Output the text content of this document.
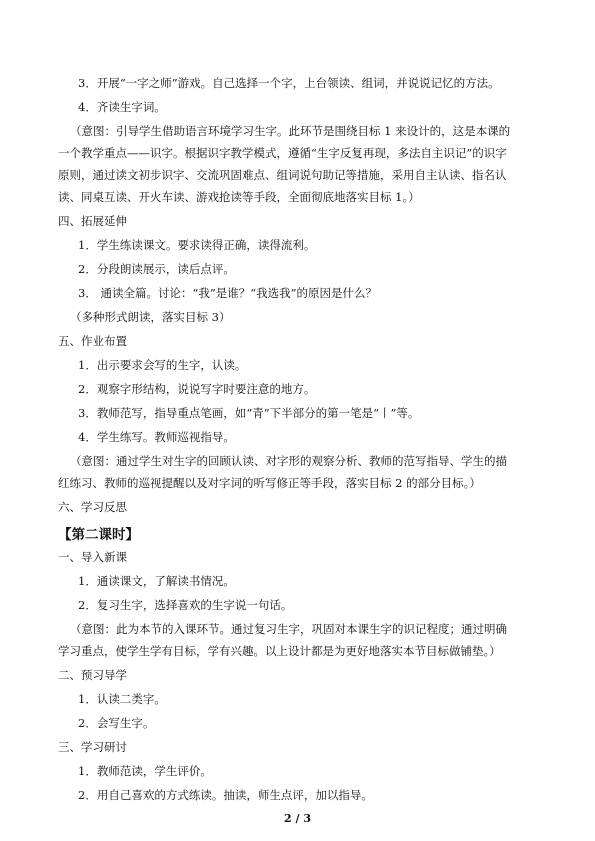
3．开展“一字之师”游戏。自己选择一个字，上台领读、组词，并说说记忆的方法。
4．齐读生字词。
（意图：引导学生借助语言环境学习生字。此环节是围绕目标 1 来设计的，这是本课的
一个教学重点——识字。根据识字教学模式，遵循“生字反复再现，多法自主识记”的识字
原则，通过读文初步识字、交流巩固难点、组词说句助记等措施，采用自主认读、指名认
读、同桌互读、开火车读、游戏抢读等手段，全面彻底地落实目标 1。）
四、拓展延伸
1．学生练读课文。要求读得正确，读得流利。
2．分段朗读展示，读后点评。
3． 通读全篇。讨论：“我”是谁？“我选我”的原因是什么？
（多种形式朗读，落实目标 3）
五、作业布置
1．出示要求会写的生字，认读。
2．观察字形结构，说说写字时要注意的地方。
3．教师范写，指导重点笔画，如“青”下半部分的第一笔是“丨”等。
4．学生练写。教师巡视指导。
（意图：通过学生对生字的回顾认读、对字形的观察分析、教师的范写指导、学生的描
红练习、教师的巡视提醒以及对字词的听写修正等手段，落实目标 2 的部分目标。）
六、学习反思
一、导入新课
1．通读课文，了解读书情况。
2．复习生字，选择喜欢的生字说一句话。
（意图：此为本节的入课环节。通过复习生字，巩固对本课生字的识记程度；通过明确
学习重点，使学生学有目标，学有兴趣。以上设计都是为更好地落实本节目标做铺垫。）
二、预习导学
1．认读二类字。
2．会写生字。
三、学习研讨
1．教师范读，学生评价。
2．用自己喜欢的方式练读。抽读，师生点评，加以指导。
【第二课时】
2 / 3
